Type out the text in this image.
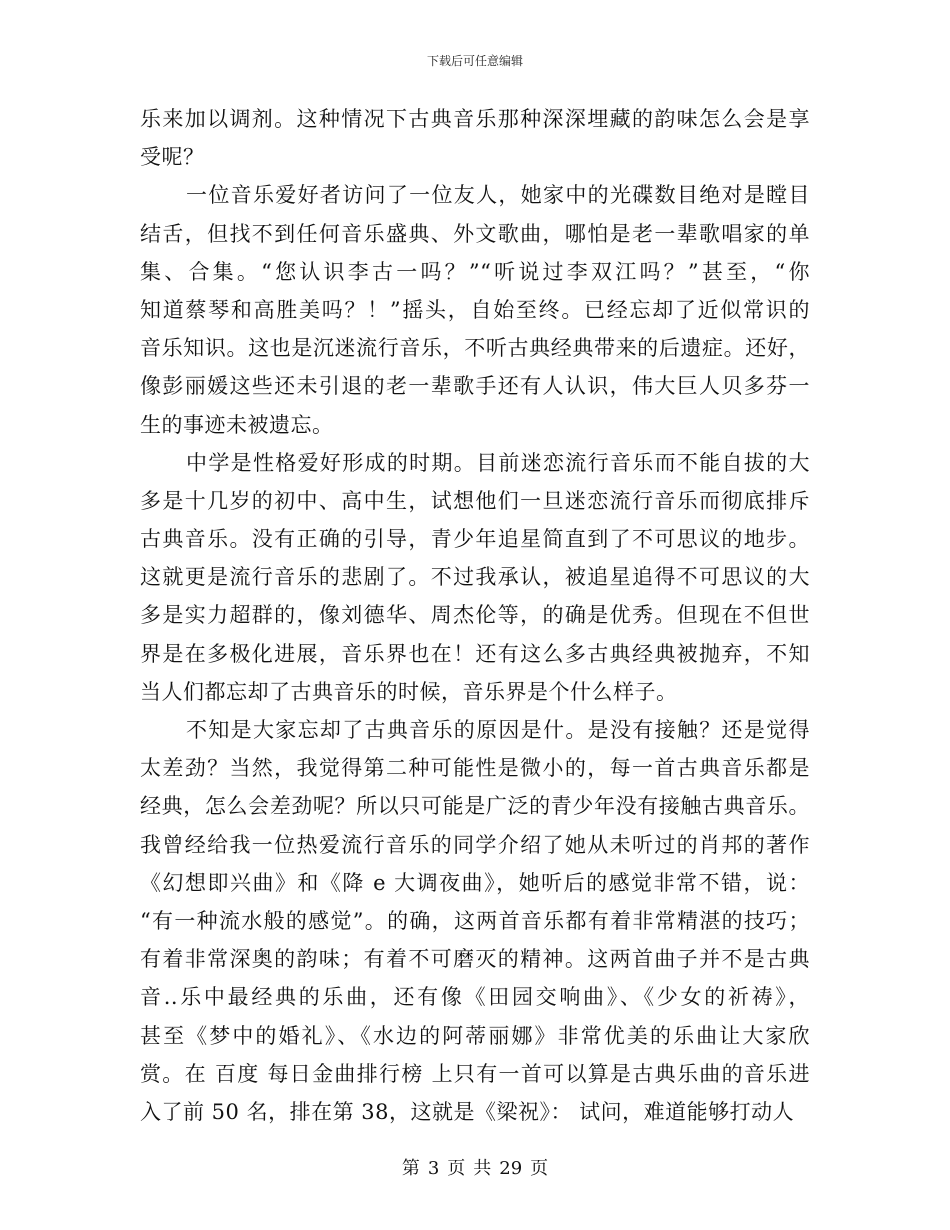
下载后可任意编辑
乐来加以调剂。这种情况下古典音乐那种深深埋藏的韵味怎么会是享
受呢？
一位音乐爱好者访问了一位友人，她家中的光碟数目绝对是瞠目
结舌，但找不到任何音乐盛典、外文歌曲，哪怕是老一辈歌唱家的单
集、合集。“您认识李古一吗？”“听说过李双江吗？”甚至，“你
知道蔡琴和高胜美吗？！”摇头，自始至终。已经忘却了近似常识的
音乐知识。这也是沉迷流行音乐，不听古典经典带来的后遗症。还好，
像彭丽媛这些还未引退的老一辈歌手还有人认识，伟大巨人贝多芬一
生的事迹未被遗忘。
中学是性格爱好形成的时期。目前迷恋流行音乐而不能自拔的大
多是十几岁的初中、高中生，试想他们一旦迷恋流行音乐而彻底排斥
古典音乐。没有正确的引导，青少年追星简直到了不可思议的地步。
这就更是流行音乐的悲剧了。不过我承认，被追星追得不可思议的大
多是实力超群的，像刘德华、周杰伦等，的确是优秀。但现在不但世
界是在多极化进展，音乐界也在！还有这么多古典经典被抛弃，不知
当人们都忘却了古典音乐的时候，音乐界是个什么样子。
不知是大家忘却了古典音乐的原因是什。是没有接触？还是觉得
太差劲？当然，我觉得第二种可能性是微小的，每一首古典音乐都是
经典，怎么会差劲呢？所以只可能是广泛的青少年没有接触古典音乐。
我曾经给我一位热爱流行音乐的同学介绍了她从未听过的肖邦的著作
《幻想即兴曲》和《降 e 大调夜曲》，她听后的感觉非常不错，说：
“有一种流水般的感觉”。的确，这两首音乐都有着非常精湛的技巧；
有着非常深奥的韵味；有着不可磨灭的精神。这两首曲子并不是古典
音..乐中最经典的乐曲，还有像《田园交响曲》、《少女的祈祷》，
甚至《梦中的婚礼》、《水边的阿蒂丽娜》非常优美的乐曲让大家欣
赏。在 百度 每日金曲排行榜 上只有一首可以算是古典乐曲的音乐进
入了前 50 名，排在第 38，这就是《梁祝》： 试问，难道能够打动人
第 3 页 共 29 页
